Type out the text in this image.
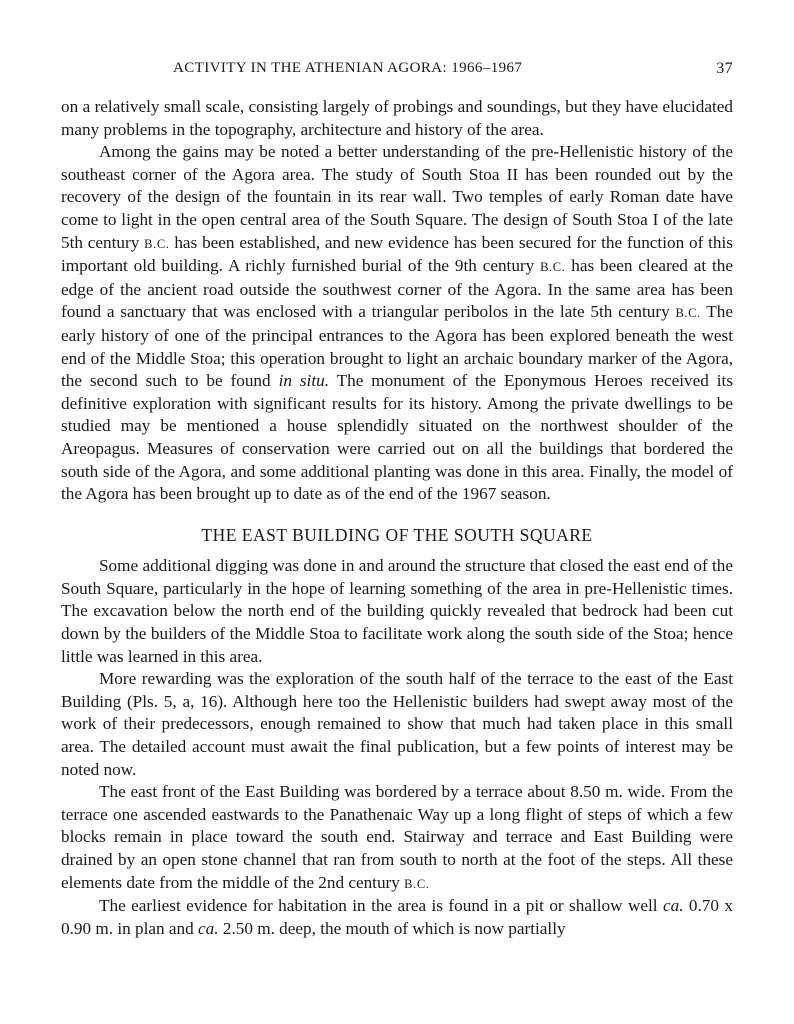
ACTIVITY IN THE ATHENIAN AGORA: 1966–1967	37

on a relatively small scale, consisting largely of probings and soundings, but they have elucidated many problems in the topography, architecture and history of the area.

Among the gains may be noted a better understanding of the pre-Hellenistic history of the southeast corner of the Agora area. The study of South Stoa II has been rounded out by the recovery of the design of the fountain in its rear wall. Two temples of early Roman date have come to light in the open central area of the South Square. The design of South Stoa I of the late 5th century B.C. has been established, and new evidence has been secured for the function of this important old building. A richly furnished burial of the 9th century B.C. has been cleared at the edge of the ancient road outside the southwest corner of the Agora. In the same area has been found a sanctuary that was enclosed with a triangular peribolos in the late 5th century B.C. The early history of one of the principal entrances to the Agora has been explored beneath the west end of the Middle Stoa; this operation brought to light an archaic boundary marker of the Agora, the second such to be found in situ. The monument of the Eponymous Heroes received its definitive exploration with significant results for its history. Among the private dwellings to be studied may be mentioned a house splendidly situated on the northwest shoulder of the Areopagus. Measures of conservation were carried out on all the buildings that bordered the south side of the Agora, and some additional planting was done in this area. Finally, the model of the Agora has been brought up to date as of the end of the 1967 season.

THE EAST BUILDING OF THE SOUTH SQUARE

Some additional digging was done in and around the structure that closed the east end of the South Square, particularly in the hope of learning something of the area in pre-Hellenistic times. The excavation below the north end of the building quickly revealed that bedrock had been cut down by the builders of the Middle Stoa to facilitate work along the south side of the Stoa; hence little was learned in this area.

More rewarding was the exploration of the south half of the terrace to the east of the East Building (Pls. 5, a, 16). Although here too the Hellenistic builders had swept away most of the work of their predecessors, enough remained to show that much had taken place in this small area. The detailed account must await the final publication, but a few points of interest may be noted now.

The east front of the East Building was bordered by a terrace about 8.50 m. wide. From the terrace one ascended eastwards to the Panathenaic Way up a long flight of steps of which a few blocks remain in place toward the south end. Stairway and terrace and East Building were drained by an open stone channel that ran from south to north at the foot of the steps. All these elements date from the middle of the 2nd century B.C.

The earliest evidence for habitation in the area is found in a pit or shallow well ca. 0.70 x 0.90 m. in plan and ca. 2.50 m. deep, the mouth of which is now partially
